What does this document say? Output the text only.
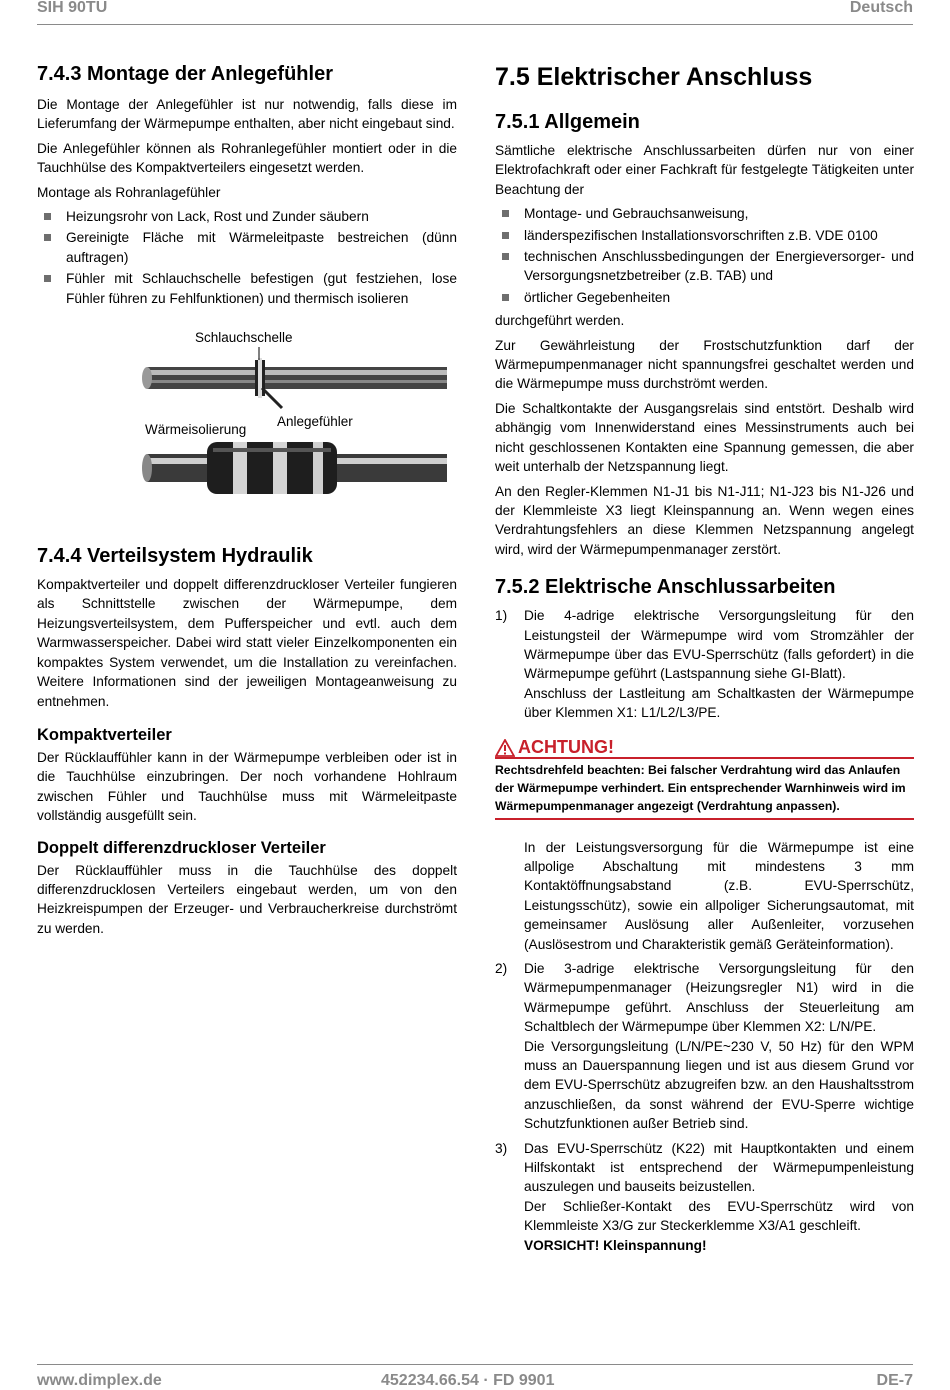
SIH 90TU	Deutsch
7.4.3 Montage der Anlegefühler

Die Montage der Anlegefühler ist nur notwendig, falls diese im Lieferumfang der Wärmepumpe enthalten, aber nicht eingebaut sind.

Die Anlegefühler können als Rohranlegefühler montiert oder in die Tauchhülse des Kompaktverteilers eingesetzt werden.

Montage als Rohranlagefühler

Heizungsrohr von Lack, Rost und Zunder säubern
Gereinigte Fläche mit Wärmeleitpaste bestreichen (dünn auftragen)
Fühler mit Schlauchschelle befestigen (gut festziehen, lose Fühler führen zu Fehlfunktionen) und thermisch isolieren
Schlauchschelle
Anlegefühler
Wärmeisolierung
7.4.4 Verteilsystem Hydraulik

Kompaktverteiler und doppelt differenzdruckloser Verteiler fungieren als Schnittstelle zwischen der Wärmepumpe, dem Heizungsverteilsystem, dem Pufferspeicher und evtl. auch dem Warmwasserspeicher. Dabei wird statt vieler Einzelkomponenten ein kompaktes System verwendet, um die Installation zu vereinfachen. Weitere Informationen sind der jeweiligen Montageanweisung zu entnehmen.

Kompaktverteiler

Der Rücklauffühler kann in der Wärmepumpe verbleiben oder ist in die Tauchhülse einzubringen. Der noch vorhandene Hohlraum zwischen Fühler und Tauchhülse muss mit Wärmeleitpaste vollständig ausgefüllt sein.

Doppelt differenzdruckloser Verteiler

Der Rücklauffühler muss in die Tauchhülse des doppelt differenzdrucklosen Verteilers eingebaut werden, um von den Heizkreispumpen der Erzeuger- und Verbraucherkreise durchströmt zu werden.

7.5 Elektrischer Anschluss
7.5.1 Allgemein

Sämtliche elektrische Anschlussarbeiten dürfen nur von einer Elektrofachkraft oder einer Fachkraft für festgelegte Tätigkeiten unter Beachtung der

Montage- und Gebrauchsanweisung,
länderspezifischen Installationsvorschriften z.B. VDE 0100
technischen Anschlussbedingungen der Energieversorger- und Versorgungsnetzbetreiber (z.B. TAB) und
örtlicher Gegebenheiten

durchgeführt werden.

Zur Gewährleistung der Frostschutzfunktion darf der Wärmepumpenmanager nicht spannungsfrei geschaltet werden und die Wärmepumpe muss durchströmt werden.

Die Schaltkontakte der Ausgangsrelais sind entstört. Deshalb wird abhängig vom Innenwiderstand eines Messinstruments auch bei nicht geschlossenen Kontakten eine Spannung gemessen, die aber weit unterhalb der Netzspannung liegt.

An den Regler-Klemmen N1-J1 bis N1-J11; N1-J23 bis N1-J26 und der Klemmleiste X3 liegt Kleinspannung an. Wenn wegen eines Verdrahtungsfehlers an diese Klemmen Netzspannung angelegt wird, wird der Wärmepumpenmanager zerstört.

7.5.2 Elektrische Anschlussarbeiten
1) Die 4-adrige elektrische Versorgungsleitung für den Leistungsteil der Wärmepumpe wird vom Stromzähler der Wärmepumpe über das EVU-Sperrschütz (falls gefordert) in die Wärmepumpe geführt (Lastspannung siehe GI-Blatt).

Anschluss der Lastleitung am Schaltkasten der Wärmepumpe über Klemmen X1: L1/L2/L3/PE.

ACHTUNG!
Rechtsdrehfeld beachten: Bei falscher Verdrahtung wird das Anlaufen der Wärmepumpe verhindert. Ein entsprechender Warnhinweis wird im Wärmepumpenmanager angezeigt (Verdrahtung anpassen).

In der Leistungsversorgung für die Wärmepumpe ist eine allpolige Abschaltung mit mindestens 3 mm Kontaktöffnungsabstand (z.B. EVU-Sperrschütz, Leistungsschütz), sowie ein allpoliger Sicherungsautomat, mit gemeinsamer Auslösung aller Außenleiter, vorzusehen (Auslösestrom und Charakteristik gemäß Geräteinformation).

2) Die 3-adrige elektrische Versorgungsleitung für den Wärmepumpenmanager (Heizungsregler N1) wird in die Wärmepumpe geführt. Anschluss der Steuerleitung am Schaltblech der Wärmepumpe über Klemmen X2: L/N/PE.

Die Versorgungsleitung (L/N/PE~230 V, 50 Hz) für den WPM muss an Dauerspannung liegen und ist aus diesem Grund vor dem EVU-Sperrschütz abzugreifen bzw. an den Haushaltsstrom anzuschließen, da sonst während der EVU-Sperre wichtige Schutzfunktionen außer Betrieb sind.

3) Das EVU-Sperrschütz (K22) mit Hauptkontakten und einem Hilfskontakt ist entsprechend der Wärmepumpenleistung auszulegen und bauseits beizustellen.

Der Schließer-Kontakt des EVU-Sperrschütz wird von Klemmleiste X3/G zur Steckerklemme X3/A1 geschleift.

VORSICHT! Kleinspannung!

www.dimplex.de	452234.66.54 · FD 9901	DE-7
